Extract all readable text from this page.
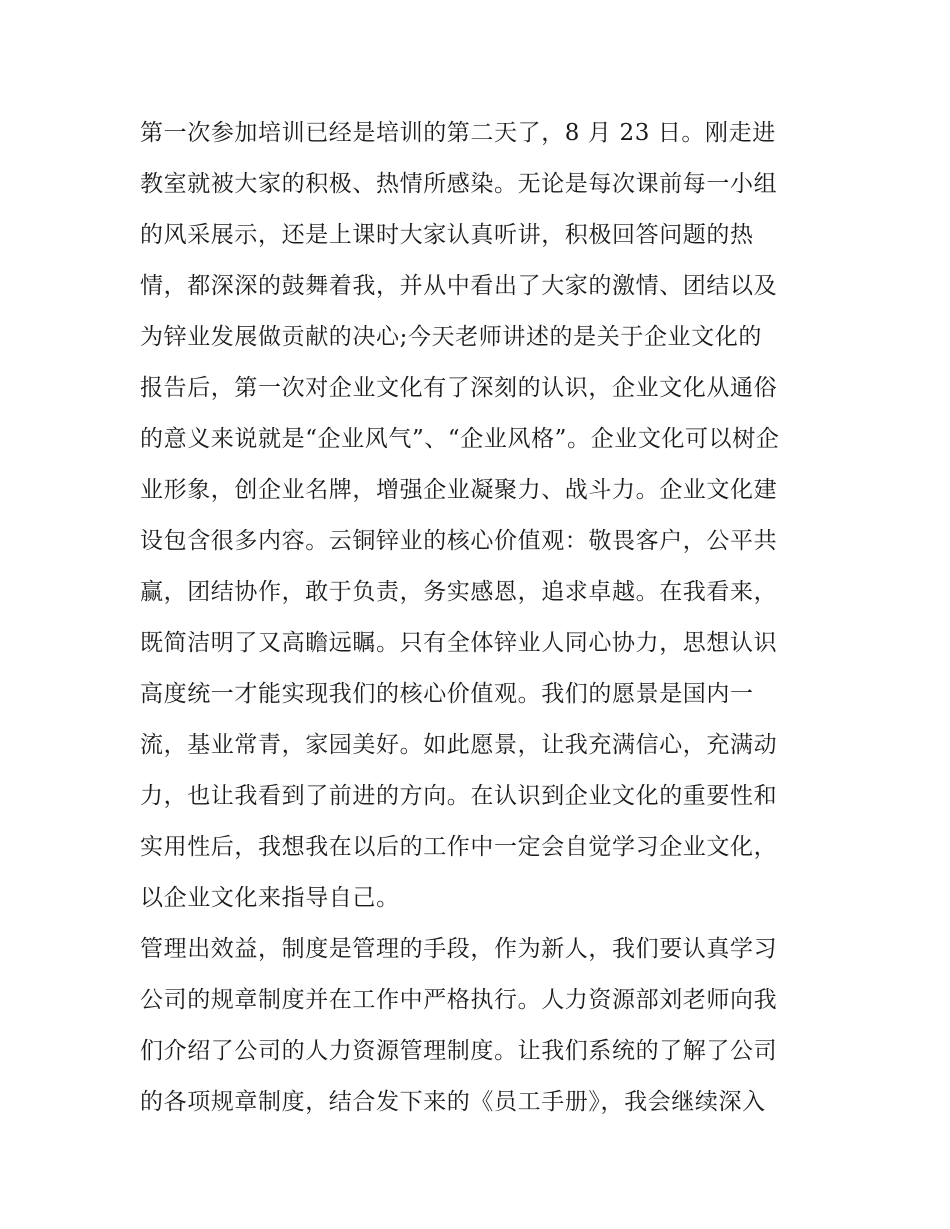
第一次参加培训已经是培训的第二天了，8 月 23 日。刚走进
教室就被大家的积极、热情所感染。无论是每次课前每一小组
的风采展示，还是上课时大家认真听讲，积极回答问题的热
情，都深深的鼓舞着我，并从中看出了大家的激情、团结以及
为锌业发展做贡献的决心;今天老师讲述的是关于企业文化的
报告后，第一次对企业文化有了深刻的认识，企业文化从通俗
的意义来说就是“企业风气”、“企业风格”。企业文化可以树企
业形象，创企业名牌，增强企业凝聚力、战斗力。企业文化建
设包含很多内容。云铜锌业的核心价值观：敬畏客户，公平共
赢，团结协作，敢于负责，务实感恩，追求卓越。在我看来，
既简洁明了又高瞻远瞩。只有全体锌业人同心协力，思想认识
高度统一才能实现我们的核心价值观。我们的愿景是国内一
流，基业常青，家园美好。如此愿景，让我充满信心，充满动
力，也让我看到了前进的方向。在认识到企业文化的重要性和
实用性后，我想我在以后的工作中一定会自觉学习企业文化，
以企业文化来指导自己。
管理出效益，制度是管理的手段，作为新人，我们要认真学习
公司的规章制度并在工作中严格执行。人力资源部刘老师向我
们介绍了公司的人力资源管理制度。让我们系统的了解了公司
的各项规章制度，结合发下来的《员工手册》，我会继续深入
